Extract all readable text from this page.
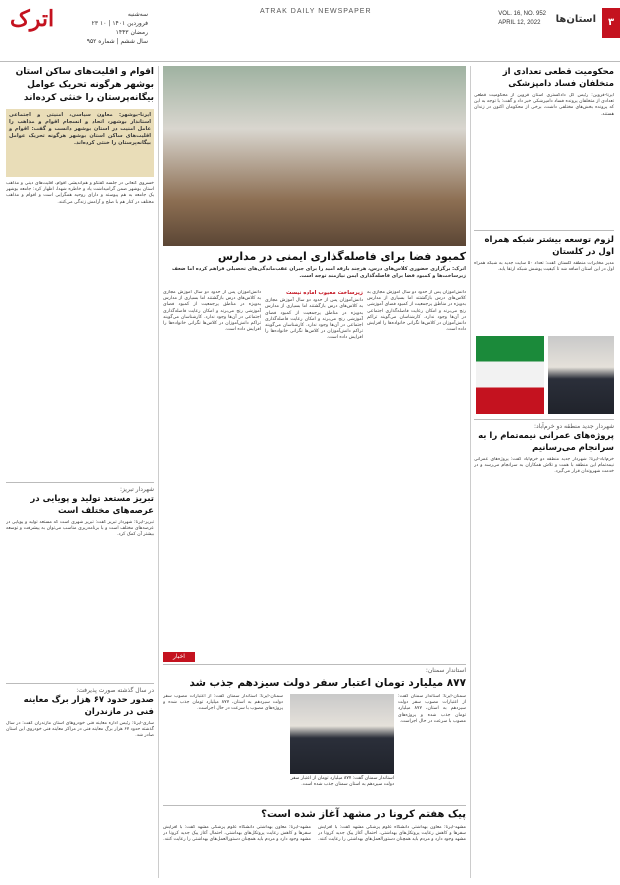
اترک	سه‌شنبه
۲۳ فروردین ۱۴۰۱ | ۱۰ رمضان ۱۴۴۳
سال ششم | شماره ۹۵۲
ATRAK DAILY NEWSPAPER	VOL. 16, NO. 952
APRIL 12, 2022	استان‌ها	۳
اقوام و اقلیت‌های ساکن استان بوشهر هرگونه تحریک عوامل بیگانه‌پرستان را خنثی کرده‌اند
ایرنا-بوشهر: معاون سیاسی، امنیتی و اجتماعی استاندار بوشهر، اتحاد و انسجام اقوام و مذاهب را عامل امنیت در استان بوشهر دانست و گفت: اقوام و اقلیت‌های ساکن استان بوشهر هرگونه تحریک عوامل بیگانه‌پرستان را خنثی کرده‌اند.
خسروی کنعانی در جلسه گفتگو و هم‌اندیشی اقوام، اقلیت‌های دینی و مذاهب استان بوشهر ضمن گرامیداشت یاد و خاطره شهدا، اظهار کرد: جامعه بوشهر یک جامعه به هم پیوسته و دارای روحیه همگرایی است و اقوام و مذاهب مختلف در کنار هم با صلح و آرامش زندگی می‌کنند.
شهردار تبریز:
تبریز مستعد تولید و پویایی در عرصه‌های مختلف است
تبریز-ایرنا: شهردار تبریز گفت: تبریز شهری است که مستعد تولید و پویایی در عرصه‌های مختلف است و با برنامه‌ریزی مناسب می‌توان به پیشرفت و توسعه بیشتر آن کمک کرد.
در سال گذشته صورت پذیرفت:
صدور حدود ۶۷ هزار برگ معاینه فنی در مازندران
ساری-ایرنا: رئیس اداره معاینه فنی خودروهای استان مازندران گفت: در سال گذشته حدود ۶۷ هزار برگ معاینه فنی در مراکز معاینه فنی خودروی این استان صادر شد.
کمبود فضا برای فاصله‌گذاری ایمنی در مدارس
اترک: برگزاری حضوری کلاس‌های درس، هرچند بارقه امید را برای جبران عقب‌ماندگی‌های تحصیلی فراهم کرده اما ضعف زیرساخت‌ها و کمبود فضا برای فاصله‌گذاری ایمن نیازمند توجه است.
دانش‌آموزان پس از حدود دو سال آموزش مجازی به کلاس‌های درس بازگشتند اما بسیاری از مدارس به‌ویژه در مناطق پرجمعیت از کمبود فضای آموزشی رنج می‌برند و امکان رعایت فاصله‌گذاری اجتماعی در آن‌ها وجود ندارد. کارشناسان می‌گویند تراکم دانش‌آموزان در کلاس‌ها نگرانی خانواده‌ها را افزایش داده است.
زیرساخت معیوب آماده نیست
دانش‌آموزان پس از حدود دو سال آموزش مجازی به کلاس‌های درس بازگشتند اما بسیاری از مدارس به‌ویژه در مناطق پرجمعیت از کمبود فضای آموزشی رنج می‌برند و امکان رعایت فاصله‌گذاری اجتماعی در آن‌ها وجود ندارد. کارشناسان می‌گویند تراکم دانش‌آموزان در کلاس‌ها نگرانی خانواده‌ها را افزایش داده است.
دانش‌آموزان پس از حدود دو سال آموزش مجازی به کلاس‌های درس بازگشتند اما بسیاری از مدارس به‌ویژه در مناطق پرجمعیت از کمبود فضای آموزشی رنج می‌برند و امکان رعایت فاصله‌گذاری اجتماعی در آن‌ها وجود ندارد. کارشناسان می‌گویند تراکم دانش‌آموزان در کلاس‌ها نگرانی خانواده‌ها را افزایش داده است.
اخبار
استاندار سمنان:
۸۷۷ میلیارد تومان اعتبار سفر دولت سیزدهم جذب شد
سمنان-ایرنا: استاندار سمنان گفت: از اعتبارات مصوب سفر دولت سیزدهم به استان، ۸۷۷ میلیارد تومان جذب شده و پروژه‌های مصوب با سرعت در حال اجراست.
استاندار سمنان گفت: ۸۷۷ میلیارد تومان از اعتبار سفر دولت سیزدهم به استان سمنان جذب شده است.
سمنان-ایرنا: استاندار سمنان گفت: از اعتبارات مصوب سفر دولت سیزدهم به استان، ۸۷۷ میلیارد تومان جذب شده و پروژه‌های مصوب با سرعت در حال اجراست.
پیک هفتم کرونا در مشهد آغاز شده است؟
مشهد-ایرنا: معاون بهداشتی دانشگاه علوم پزشکی مشهد گفت: با افزایش سفرها و کاهش رعایت پروتکل‌های بهداشتی، احتمال آغاز پیک جدید کرونا در مشهد وجود دارد و مردم باید همچنان دستورالعمل‌های بهداشتی را رعایت کنند.
مشهد-ایرنا: معاون بهداشتی دانشگاه علوم پزشکی مشهد گفت: با افزایش سفرها و کاهش رعایت پروتکل‌های بهداشتی، احتمال آغاز پیک جدید کرونا در مشهد وجود دارد و مردم باید همچنان دستورالعمل‌های بهداشتی را رعایت کنند.
محکومیت قطعی تعدادی از متخلفان فساد دامپزشکی
ایرنا-قزوین: رئیس کل دادگستری استان قزوین از محکومیت قطعی تعدادی از متخلفان پرونده فساد دامپزشکی خبر داد و گفت: با توجه به این که پرونده بخش‌های مختلفی داشت، برخی از محکومان اکنون در زندان هستند.
لزوم توسعه بیشتر شبکه همراه اول در کلستان
مدیر مخابرات منطقه گلستان گفت: تعداد ۵۰ سایت جدید به شبکه همراه اول در این استان اضافه شد تا کیفیت پوشش شبکه ارتقا یابد.
شهردار جدید منطقه دو خرم‌آباد:
پروژه‌های عمرانی نیمه‌تمام را به سرانجام می‌رسانیم
خرم‌آباد-ایرنا: شهردار جدید منطقه دو خرم‌آباد گفت: پروژه‌های عمرانی نیمه‌تمام این منطقه با همت و تلاش همکاران به سرانجام می‌رسد و در خدمت شهروندان قرار می‌گیرد.
